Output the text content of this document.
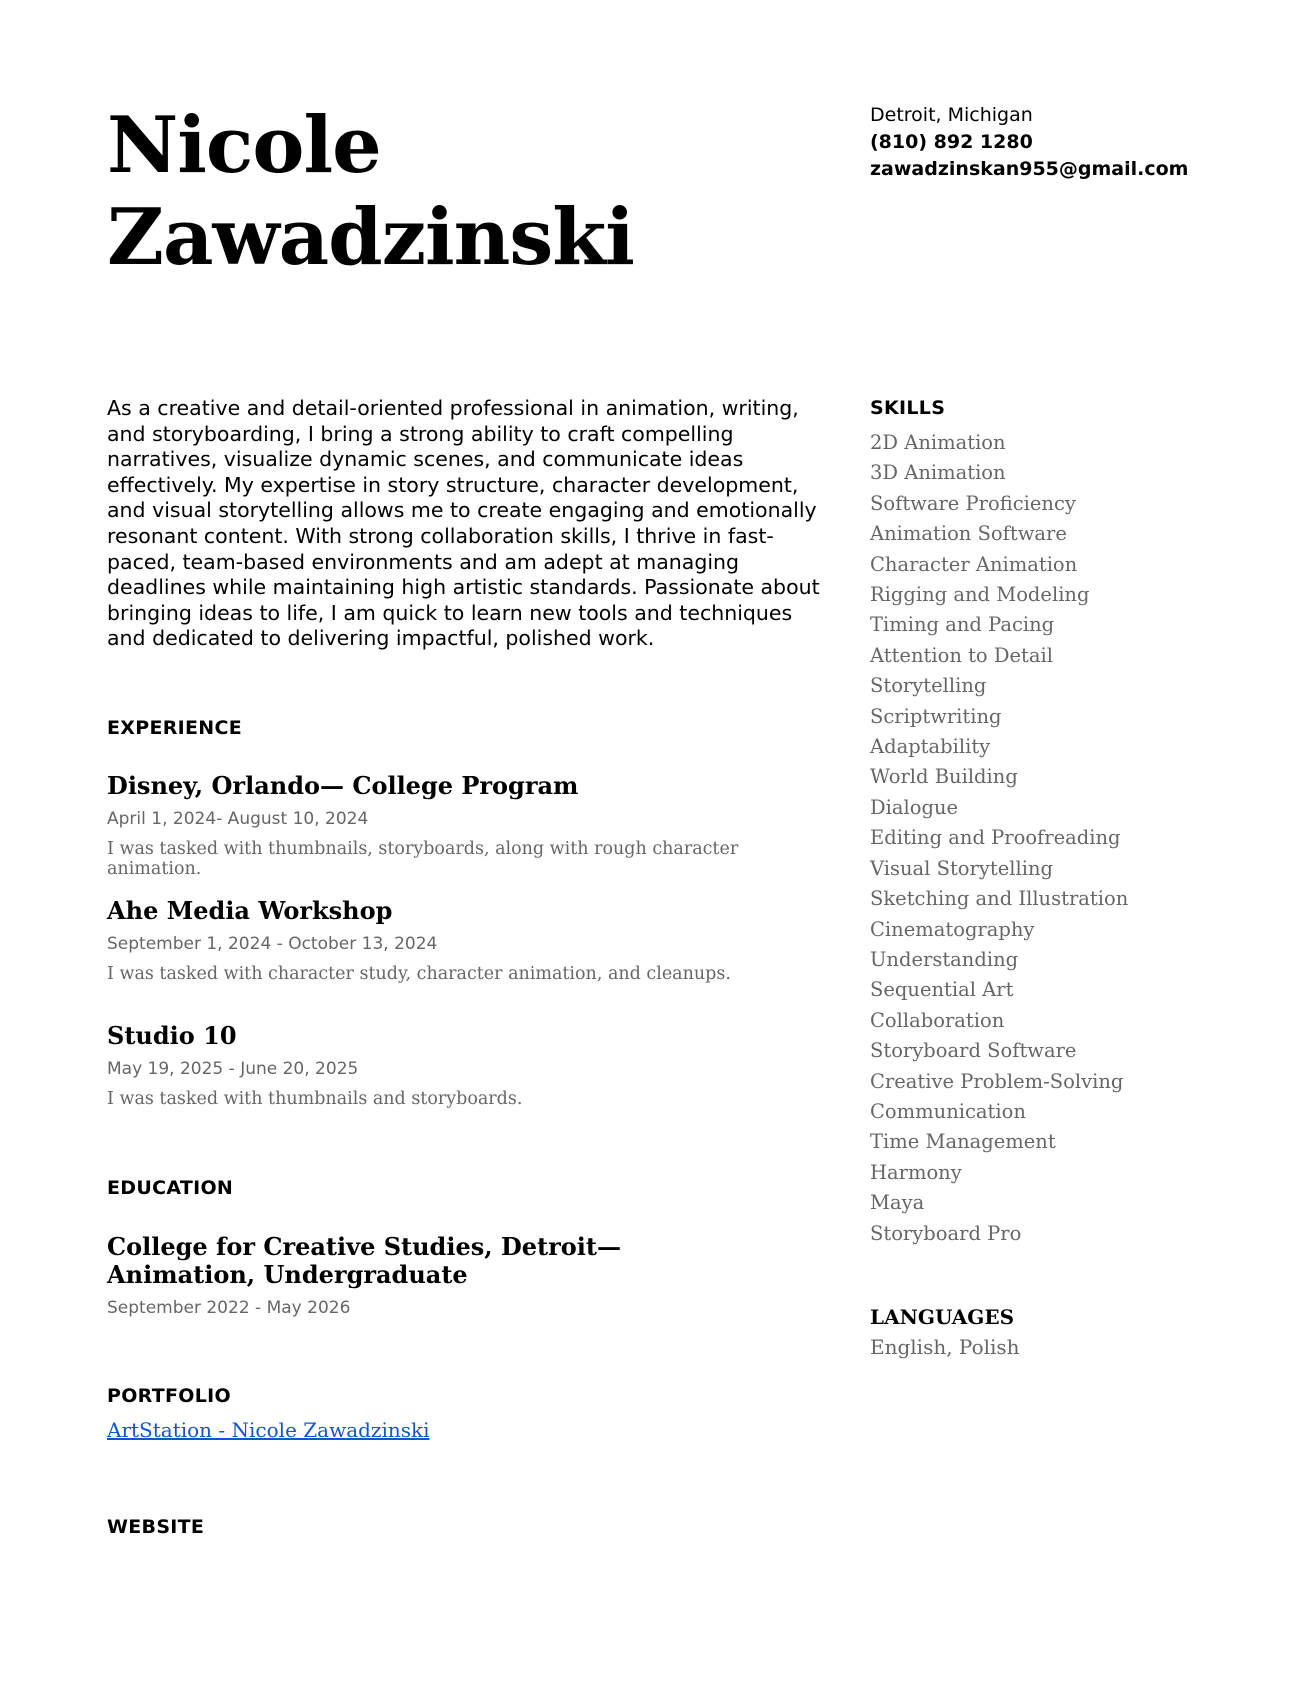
Nicole
Zawadzinski
Detroit, Michigan
(810) 892 1280
zawadzinskan955@gmail.com

As a creative and detail-oriented professional in animation, writing, and storyboarding, I bring a strong ability to craft compelling narratives, visualize dynamic scenes, and communicate ideas effectively. My expertise in story structure, character development, and visual storytelling allows me to create engaging and emotionally resonant content. With strong collaboration skills, I thrive in fast-paced, team-based environments and am adept at managing deadlines while maintaining high artistic standards. Passionate about bringing ideas to life, I am quick to learn new tools and techniques and dedicated to delivering impactful, polished work.

EXPERIENCE
Disney, Orlando— College Program
April 1, 2024- August 10, 2024
I was tasked with thumbnails, storyboards, along with rough character animation.
Ahe Media Workshop
September 1, 2024 - October 13, 2024
I was tasked with character study, character animation, and cleanups.
Studio 10
May 19, 2025 - June 20, 2025
I was tasked with thumbnails and storyboards.
EDUCATION
College for Creative Studies, Detroit— Animation, Undergraduate
September 2022 - May 2026
PORTFOLIO
ArtStation - Nicole Zawadzinski
WEBSITE
SKILLS
2D Animation
3D Animation
Software Proficiency
Animation Software
Character Animation
Rigging and Modeling
Timing and Pacing
Attention to Detail
Storytelling
Scriptwriting
Adaptability
World Building
Dialogue
Editing and Proofreading
Visual Storytelling
Sketching and Illustration
Cinematography
Understanding
Sequential Art
Collaboration
Storyboard Software
Creative Problem-Solving
Communication
Time Management
Harmony
Maya
Storyboard Pro
LANGUAGES
English, Polish
